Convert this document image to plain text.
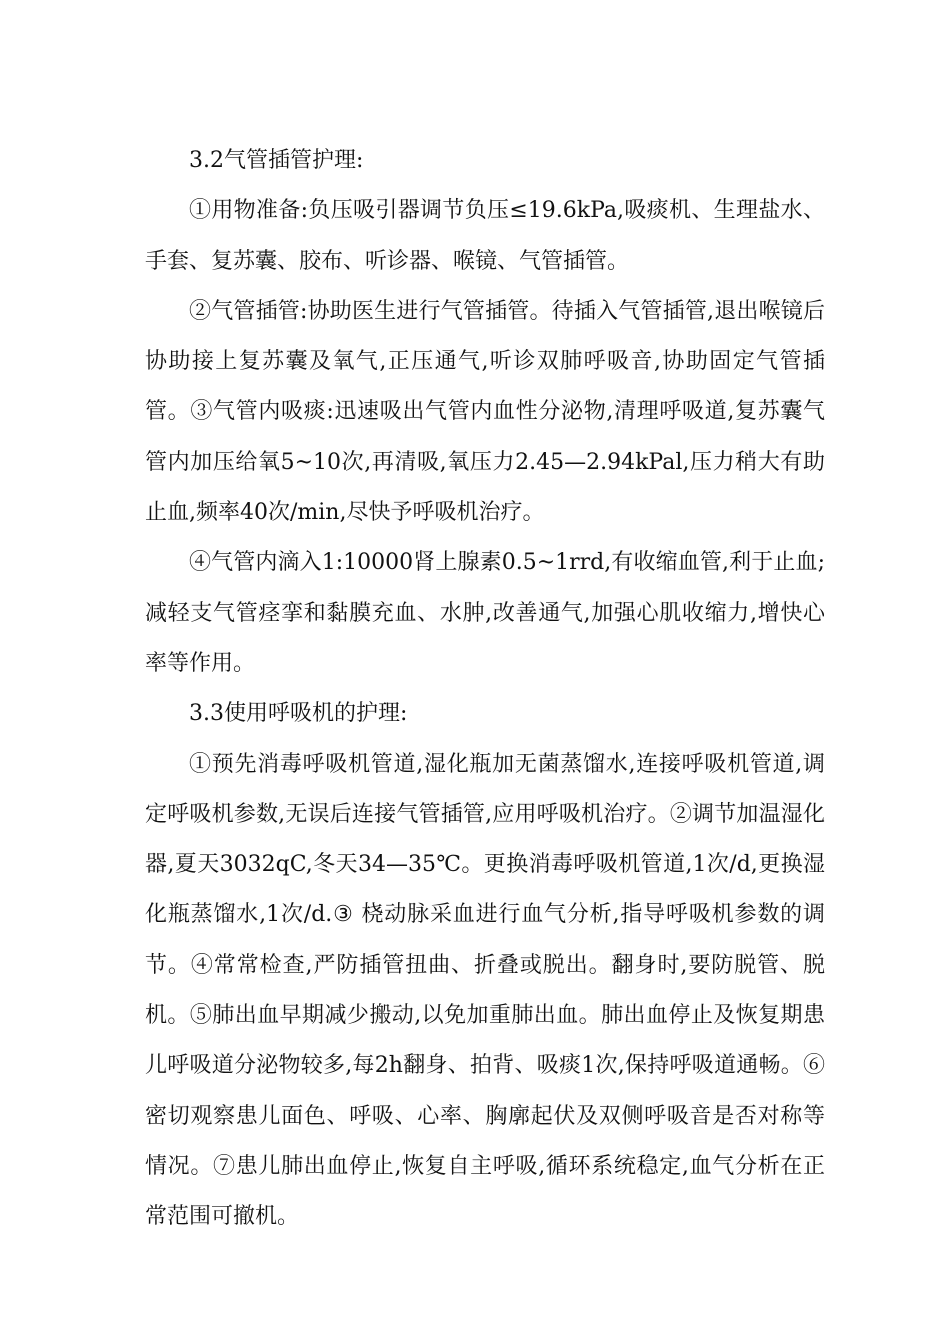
3.2气管插管护理:

①用物准备:负压吸引器调节负压≤19.6kPa,吸痰机、生理盐水、手套、复苏囊、胶布、听诊器、喉镜、气管插管。

②气管插管:协助医生进行气管插管。待插入气管插管,退出喉镜后协助接上复苏囊及氧气,正压通气,听诊双肺呼吸音,协助固定气管插管。③气管内吸痰:迅速吸出气管内血性分泌物,清理呼吸道,复苏囊气管内加压给氧5~10次,再清吸,氧压力2.45—2.94kPal,压力稍大有助止血,频率40次/min,尽快予呼吸机治疗。

④气管内滴入1:10000肾上腺素0.5~1rrd,有收缩血管,利于止血;减轻支气管痉挛和黏膜充血、水肿,改善通气,加强心肌收缩力,增快心率等作用。

3.3使用呼吸机的护理:

①预先消毒呼吸机管道,湿化瓶加无菌蒸馏水,连接呼吸机管道,调定呼吸机参数,无误后连接气管插管,应用呼吸机治疗。②调节加温湿化器,夏天3032qC,冬天34—35℃。更换消毒呼吸机管道,1次/d,更换湿化瓶蒸馏水,1次/d.③ 桡动脉采血进行血气分析,指导呼吸机参数的调节。④常常检查,严防插管扭曲、折叠或脱出。翻身时,要防脱管、脱机。⑤肺出血早期减少搬动,以免加重肺出血。肺出血停止及恢复期患儿呼吸道分泌物较多,每2h翻身、拍背、吸痰1次,保持呼吸道通畅。⑥密切观察患儿面色、呼吸、心率、胸廓起伏及双侧呼吸音是否对称等情况。⑦患儿肺出血停止,恢复自主呼吸,循环系统稳定,血气分析在正常范围可撤机。
